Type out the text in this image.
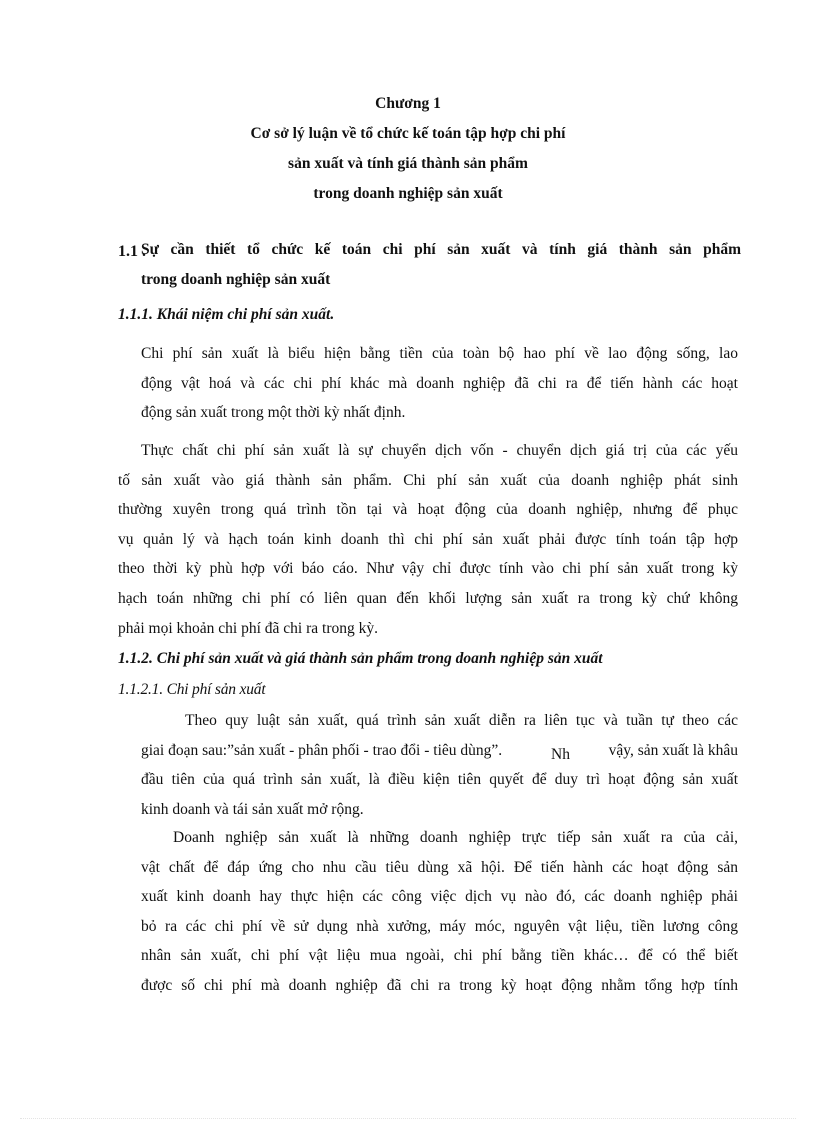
Chương 1
Cơ sở lý luận về tổ chức kế toán tập hợp chi phí
sản xuất và tính giá thành sản phẩm
trong doanh nghiệp sản xuất
1.1 .
Sự cần thiết tổ chức kế toán chi phí sản xuất và tính giá thành sản phẩm
trong doanh nghiệp sản xuất
1.1.1. Khái niệm chi phí sản xuất.
Chi phí sản xuất là biểu hiện bằng tiền của toàn bộ hao phí về lao động sống, lao
động vật hoá và các chi phí khác mà doanh nghiệp đã chi ra để tiến hành các hoạt
động sản xuất trong một thời kỳ nhất định.
Thực chất chi phí sản xuất là sự chuyển dịch vốn - chuyển dịch giá trị của các yếu
tố sản xuất vào giá thành sản phẩm. Chi phí sản xuất của doanh nghiệp phát sinh
thường xuyên trong quá trình tồn tại và hoạt động của doanh nghiệp, nhưng để phục
vụ quản lý và hạch toán kinh doanh thì chi phí sản xuất phải được tính toán tập hợp
theo thời kỳ phù hợp với báo cáo. Như vậy chỉ được tính vào chi phí sản xuất trong kỳ
hạch toán những chi phí có liên quan đến khối lượng sản xuất ra trong kỳ chứ không
phải mọi khoản chi phí đã chi ra trong kỳ.
1.1.2. Chi phí sản xuất và giá thành sản phẩm trong doanh nghiệp sản xuất
1.1.2.1. Chi phí sản xuất
Theo quy luật sản xuất, quá trình sản xuất diễn ra liên tục và tuần tự theo các
giai đoạn sau:”sản xuất - phân phối - trao đổi - tiêu dùng”.	vậy, sản xuất là khâu
đầu tiên của quá trình sản xuất, là điều kiện tiên quyết để duy trì hoạt động sản xuất
kinh doanh và tái sản xuất mở rộng.
Nh
Doanh nghiệp sản xuất là những doanh nghiệp trực tiếp sản xuất ra của cải,
vật chất để đáp ứng cho nhu cầu tiêu dùng xã hội. Để tiến hành các hoạt động sản
xuất kinh doanh hay thực hiện các công việc dịch vụ nào đó, các doanh nghiệp phải
bỏ ra các chi phí về sử dụng nhà xưởng, máy móc, nguyên vật liệu, tiền lương công
nhân sản xuất, chi phí vật liệu mua ngoài, chi phí bằng tiền khác… để có thể biết
được số chi phí mà doanh nghiệp đã chi ra trong kỳ hoạt động nhằm tổng hợp tính
